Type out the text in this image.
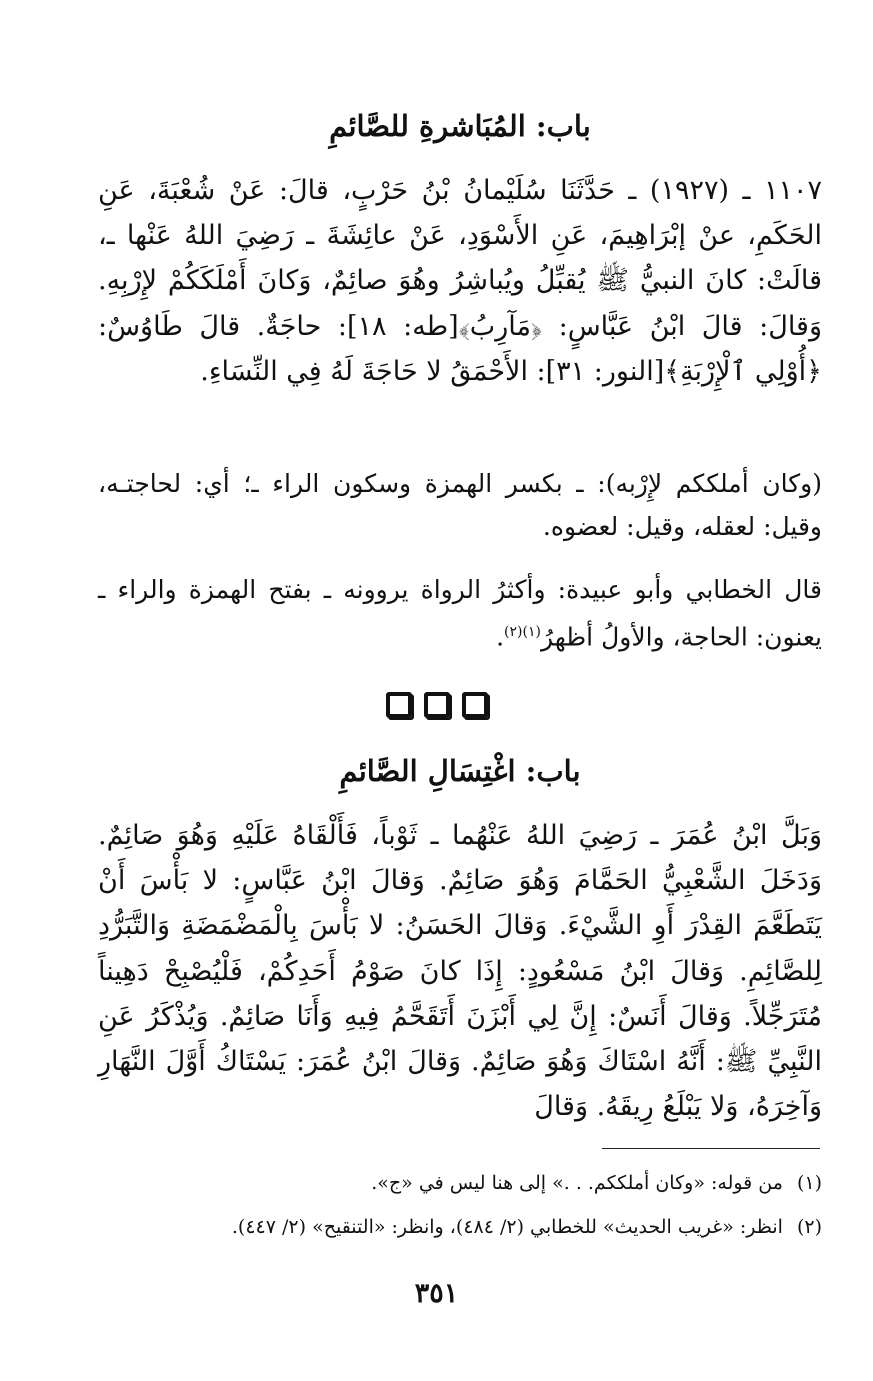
باب: المُبَاشرةِ للصَّائمِ
١١٠٧ ـ (١٩٢٧) ـ حَدَّثَنَا سُلَيْمانُ بْنُ حَرْبٍ، قالَ: عَنْ شُعْبَةَ، عَنِ الحَكَمِ، عنْ إبْرَاهِيمَ، عَنِ الأَسْوَدِ، عَنْ عائِشَةَ ـ رَضِيَ اللهُ عَنْها ـ، قالَتْ: كانَ النبيُّ ﷺ يُقبِّلُ ويُباشِرُ وهُوَ صائِمٌ، وَكانَ أَمْلَكَكُمْ لإِرْبِهِ. وَقالَ: قالَ ابْنُ عَبَّاسٍ: ﴿مَآرِبُ﴾[طه: ١٨]: حاجَةٌ. قالَ طَاوُسٌ: ﴿أُوْلِي ٱلْإِرْبَةِ﴾[النور: ٣١]: الأَحْمَقُ لا حَاجَةَ لَهُ فِي النِّسَاءِ.
(وكان أملككم لإِرْبه): ـ بكسر الهمزة وسكون الراء ـ؛ أي: لحاجتـه، وقيل: لعقله، وقيل: لعضوه.
قال الخطابي وأبو عبيدة: وأكثرُ الرواة يروونه ـ بفتح الهمزة والراء ـ يعنون: الحاجة، والأولُ أظهرُ$^{(١)(٢)}$.
باب: اغْتِسَالِ الصَّائمِ
وَبَلَّ ابْنُ عُمَرَ ـ رَضِيَ اللهُ عَنْهُما ـ ثَوْباً، فَأَلْقَاهُ عَلَيْهِ وَهُوَ صَائِمٌ. وَدَخَلَ الشَّعْبِيُّ الحَمَّامَ وَهُوَ صَائِمٌ. وَقالَ ابْنُ عَبَّاسٍ: لا بَأْسَ أَنْ يَتَطَعَّمَ القِدْرَ أَوِ الشَّيْءَ. وَقالَ الحَسَنُ: لا بَأْسَ بِالْمَضْمَضَةِ وَالتَّبَرُّدِ لِلصَّائِمِ. وَقالَ ابْنُ مَسْعُودٍ: إِذَا كانَ صَوْمُ أَحَدِكُمْ، فَلْيُصْبِحْ دَهِيناً مُتَرَجِّلاً. وَقالَ أَنَسٌ: إِنَّ لِي أَبْزَنَ أَتَقَحَّمُ فِيهِ وَأَنَا صَائِمٌ. وَيُذْكَرُ عَنِ النَّبِيِّ ﷺ: أَنَّهُ اسْتَاكَ وَهُوَ صَائِمٌ. وَقالَ ابْنُ عُمَرَ: يَسْتَاكُ أَوَّلَ النَّهَارِ وَآخِرَهُ، وَلا يَبْلَعُ رِيقَهُ. وَقالَ
(١)من قوله: «وكان أملككم. . .» إلى هنا ليس في «ج».
(٢)انظر: «غريب الحديث» للخطابي (٢/ ٤٨٤)، وانظر: «التنقيح» (٢/ ٤٤٧).
٣٥١
